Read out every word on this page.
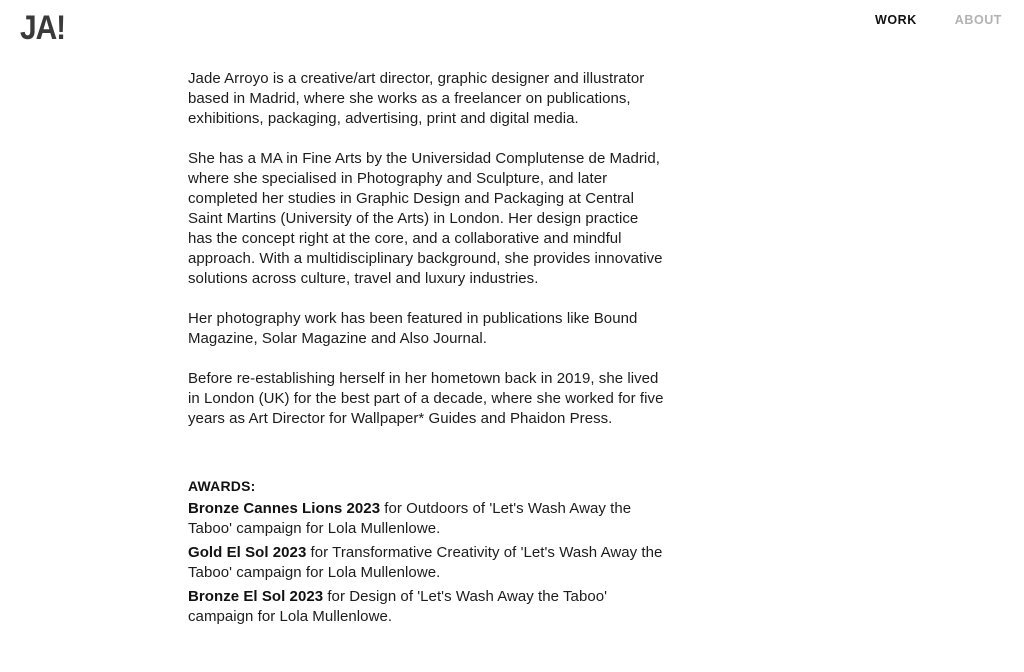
JA!	WORK	ABOUT

Jade Arroyo is a creative/art director, graphic designer and illustrator based in Madrid, where she works as a freelancer on publications, exhibitions, packaging, advertising, print and digital media.

She has a MA in Fine Arts by the Universidad Complutense de Madrid, where she specialised in Photography and Sculpture, and later completed her studies in Graphic Design and Packaging at Central Saint Martins (University of the Arts) in London. Her design practice has the concept right at the core, and a collaborative and mindful approach. With a multidisciplinary background, she provides innovative solutions across culture, travel and luxury industries.

Her photography work has been featured in publications like Bound Magazine, Solar Magazine and Also Journal.

Before re-establishing herself in her hometown back in 2019, she lived in London (UK) for the best part of a decade, where she worked for five years as Art Director for Wallpaper* Guides and Phaidon Press.

AWARDS:

Bronze Cannes Lions 2023 for Outdoors of 'Let's Wash Away the Taboo' campaign for Lola Mullenlowe.

Gold El Sol 2023 for Transformative Creativity of 'Let's Wash Away the Taboo' campaign for Lola Mullenlowe.

Bronze El Sol 2023 for Design of 'Let's Wash Away the Taboo' campaign for Lola Mullenlowe.
